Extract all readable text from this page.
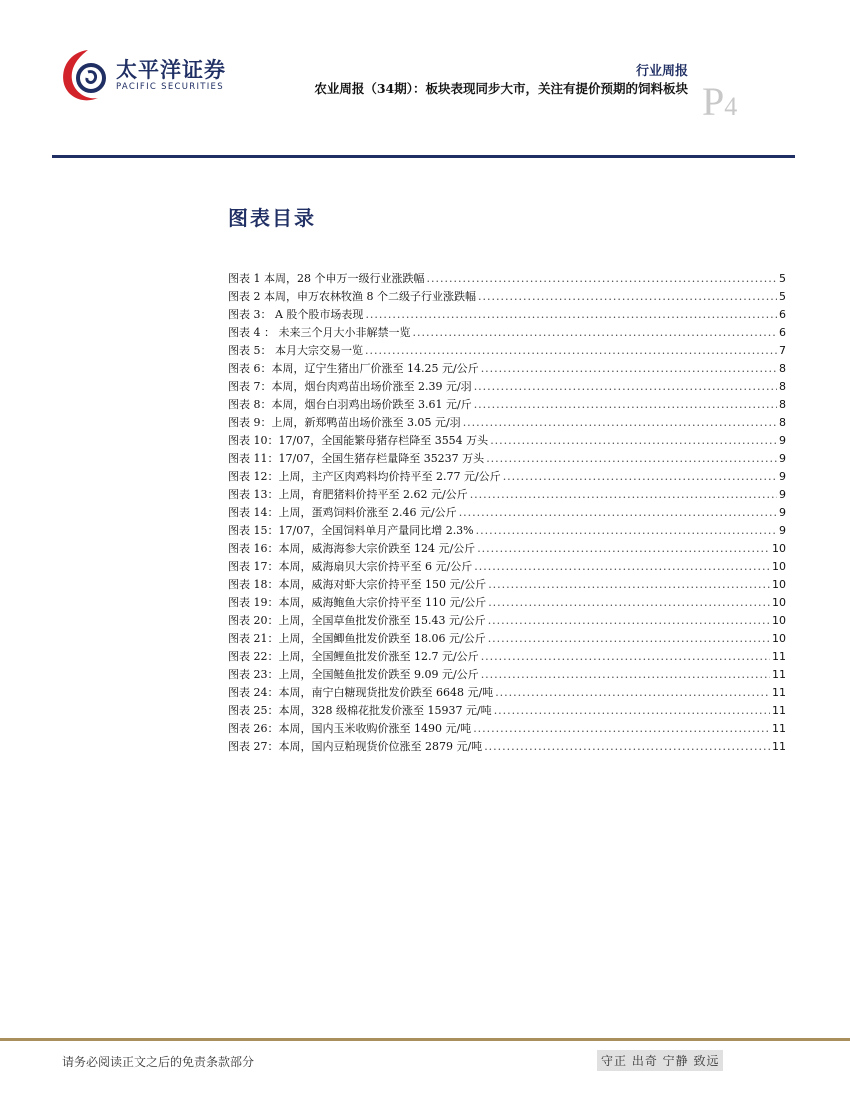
太平洋证券
PACIFIC SECURITIES
行业周报
农业周报（34期）：板块表现同步大市，关注有提价预期的饲料板块 P4
图表目录
图表 1 本周，28 个申万一级行业涨跌幅 .....	5
图表 2 本周，申万农林牧渔 8 个二级子行业涨跌幅 .....	5
图表 3： A 股个股市场表现 .....	6
图表 4 ： 未来三个月大小非解禁一览 .....	6
图表 5： 本月大宗交易一览 .....	7
图表 6：本周，辽宁生猪出厂价涨至 14.25 元/公斤 .....	8
图表 7：本周，烟台肉鸡苗出场价涨至 2.39 元/羽 .....	8
图表 8：本周，烟台白羽鸡出场价跌至 3.61 元/斤 .....	8
图表 9：上周，新郑鸭苗出场价涨至 3.05 元/羽 .....	8
图表 10：17/07，全国能繁母猪存栏降至 3554 万头 .....	9
图表 11：17/07，全国生猪存栏量降至 35237 万头 .....	9
图表 12：上周，主产区肉鸡料均价持平至 2.77 元/公斤 .....	9
图表 13：上周，育肥猪料价持平至 2.62 元/公斤 .....	9
图表 14：上周，蛋鸡饲料价涨至 2.46 元/公斤 .....	9
图表 15：17/07，全国饲料单月产量同比增 2.3% .....	9
图表 16：本周，威海海参大宗价跌至 124 元/公斤 .....	10
图表 17：本周，威海扇贝大宗价持平至 6 元/公斤 .....	10
图表 18：本周，威海对虾大宗价持平至 150 元/公斤 .....	10
图表 19：本周，威海鲍鱼大宗价持平至 110 元/公斤 .....	10
图表 20：上周，全国草鱼批发价涨至 15.43 元/公斤 .....	10
图表 21：上周，全国鲫鱼批发价跌至 18.06 元/公斤 .....	10
图表 22：上周，全国鲤鱼批发价涨至 12.7 元/公斤 .....	11
图表 23：上周，全国鲢鱼批发价跌至 9.09 元/公斤 .....	11
图表 24：本周，南宁白糖现货批发价跌至 6648 元/吨 .....	11
图表 25：本周，328 级棉花批发价涨至 15937 元/吨 .....	11
图表 26：本周，国内玉米收购价涨至 1490 元/吨 .....	11
图表 27：本周，国内豆粕现货价位涨至 2879 元/吨 .....	11
请务必阅读正文之后的免责条款部分	守正 出奇 宁静 致远
